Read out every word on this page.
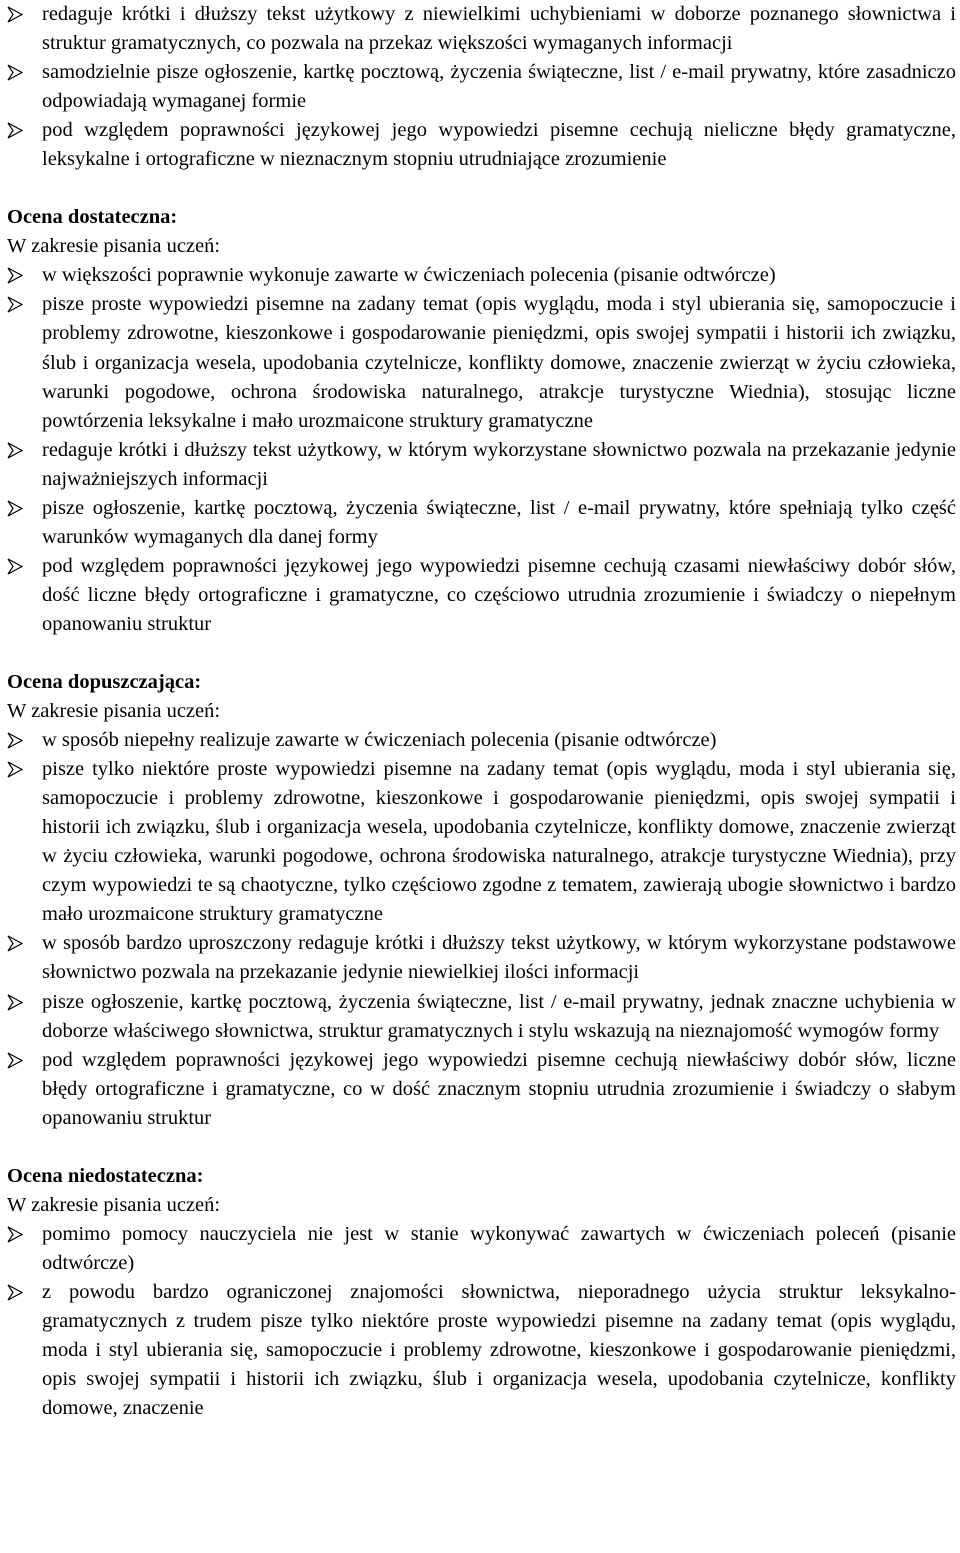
redaguje krótki i dłuższy tekst użytkowy z niewielkimi uchybieniami w doborze poznanego słownictwa i struktur gramatycznych, co pozwala na przekaz większości wymaganych informacji
samodzielnie pisze ogłoszenie, kartkę pocztową, życzenia świąteczne, list / e-mail prywatny, które zasadniczo odpowiadają wymaganej formie
pod względem poprawności językowej jego wypowiedzi pisemne cechują nieliczne błędy gramatyczne, leksykalne i ortograficzne w nieznacznym stopniu utrudniające zrozumienie

Ocena dostateczna:

W zakresie pisania uczeń:

w większości poprawnie wykonuje zawarte w ćwiczeniach polecenia (pisanie odtwórcze)
pisze proste wypowiedzi pisemne na zadany temat (opis wyglądu, moda i styl ubierania się, samopoczucie i problemy zdrowotne, kieszonkowe i gospodarowanie pieniędzmi, opis swojej sympatii i historii ich związku, ślub i organizacja wesela, upodobania czytelnicze, konflikty domowe, znaczenie zwierząt w życiu człowieka, warunki pogodowe, ochrona środowiska naturalnego, atrakcje turystyczne Wiednia), stosując liczne powtórzenia leksykalne i mało urozmaicone struktury gramatyczne
redaguje krótki i dłuższy tekst użytkowy, w którym wykorzystane słownictwo pozwala na przekazanie jedynie najważniejszych informacji
pisze ogłoszenie, kartkę pocztową, życzenia świąteczne, list / e-mail prywatny, które spełniają tylko część warunków wymaganych dla danej formy
pod względem poprawności językowej jego wypowiedzi pisemne cechują czasami niewłaściwy dobór słów, dość liczne błędy ortograficzne i gramatyczne, co częściowo utrudnia zrozumienie i świadczy o niepełnym opanowaniu struktur

Ocena dopuszczająca:

W zakresie pisania uczeń:

w sposób niepełny realizuje zawarte w ćwiczeniach polecenia (pisanie odtwórcze)
pisze tylko niektóre proste wypowiedzi pisemne na zadany temat (opis wyglądu, moda i styl ubierania się, samopoczucie i problemy zdrowotne, kieszonkowe i gospodarowanie pieniędzmi, opis swojej sympatii i historii ich związku, ślub i organizacja wesela, upodobania czytelnicze, konflikty domowe, znaczenie zwierząt w życiu człowieka, warunki pogodowe, ochrona środowiska naturalnego, atrakcje turystyczne Wiednia), przy czym wypowiedzi te są chaotyczne, tylko częściowo zgodne z tematem, zawierają ubogie słownictwo i bardzo mało urozmaicone struktury gramatyczne
w sposób bardzo uproszczony redaguje krótki i dłuższy tekst użytkowy, w którym wykorzystane podstawowe słownictwo pozwala na przekazanie jedynie niewielkiej ilości informacji
pisze ogłoszenie, kartkę pocztową, życzenia świąteczne, list / e-mail prywatny, jednak znaczne uchybienia w doborze właściwego słownictwa, struktur gramatycznych i stylu wskazują na nieznajomość wymogów formy
pod względem poprawności językowej jego wypowiedzi pisemne cechują niewłaściwy dobór słów, liczne błędy ortograficzne i gramatyczne, co w dość znacznym stopniu utrudnia zrozumienie i świadczy o słabym opanowaniu struktur

Ocena niedostateczna:

W zakresie pisania uczeń:

pomimo pomocy nauczyciela nie jest w stanie wykonywać zawartych w ćwiczeniach poleceń (pisanie odtwórcze)
z powodu bardzo ograniczonej znajomości słownictwa, nieporadnego użycia struktur leksykalno-gramatycznych z trudem pisze tylko niektóre proste wypowiedzi pisemne na zadany temat (opis wyglądu, moda i styl ubierania się, samopoczucie i problemy zdrowotne, kieszonkowe i gospodarowanie pieniędzmi, opis swojej sympatii i historii ich związku, ślub i organizacja wesela, upodobania czytelnicze, konflikty domowe, znaczenie
